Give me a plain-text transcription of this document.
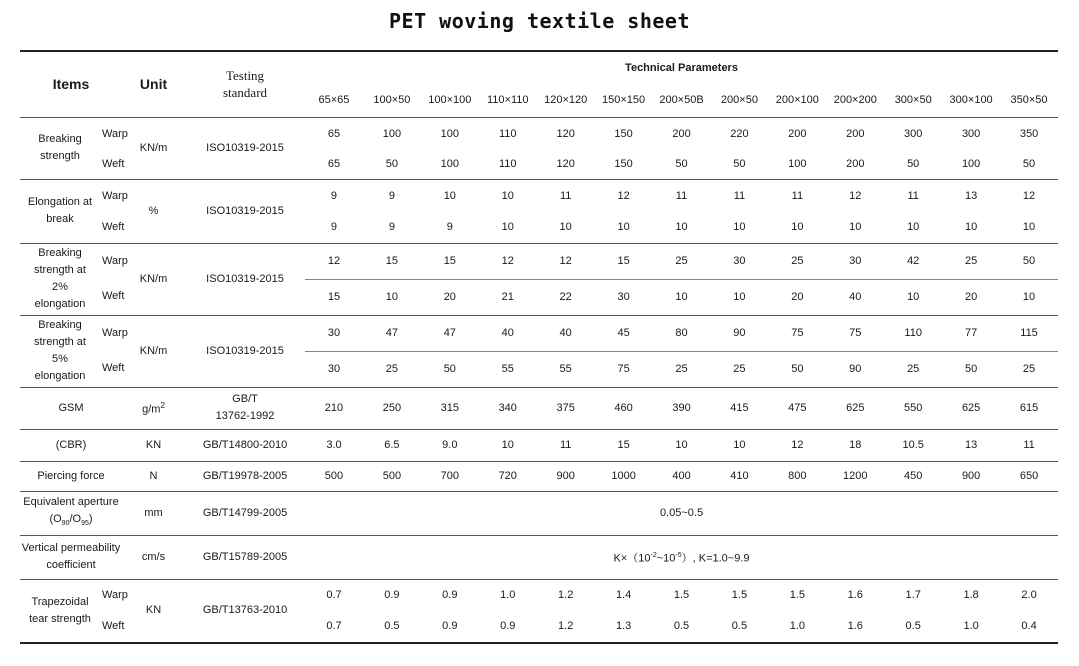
PET woving textile sheet
Items		Unit	Testing
standard	Technical Parameters												
				65×65	100×50	100×100	110×110	120×120	150×150	200×50B	200×50	200×100	200×200	300×50	300×100	350×50

Breaking
strength	Warp	KN/m	ISO10319-2015	65	100	100	110	120	150	200	220	200	200	300	300	350
	Weft			65	50	100	110	120	150	50	50	100	200	50	100	50

Elongation at
break	Warp	%	ISO10319-2015	9	9	10	10	11	12	11	11	11	12	11	13	12
	Weft			9	9	9	10	10	10	10	10	10	10	10	10	10

Breaking
strength at
2%
elongation	Warp	KN/m	ISO10319-2015	12	15	15	12	12	15	25	30	25	30	42	25	50
	Weft			15	10	20	21	22	30	10	10	20	40	10	20	10

Breaking
strength at
5%
elongation	Warp	KN/m	ISO10319-2015	30	47	47	40	40	45	80	90	75	75	110	77	115
	Weft			30	25	50	55	55	75	25	25	50	90	25	50	25
GSM		$g/m^2$	GB/T
13762-1992	210	250	315	340	375	460	390	415	475	625	550	625	615
(CBR)		KN	GB/T14800-2010	3.0	6.5	9.0	10	11	15	10	10	12	18	10.5	13	11
Piercing force		N	GB/T19978-2005	500	500	700	720	900	1000	400	410	800	1200	450	900	650

Equivalent aperture
$(O_{90}/O_{95})$		mm	GB/T14799-2005	0.05~0.5												

Vertical permeability
coefficient		cm/s	GB/T15789-2005	$K\times(10^{-2}\sim 10^{-5})$, K=1.0~9.9												

Trapezoidal
tear strength	Warp	KN	GB/T13763-2010	0.7	0.9	0.9	1.0	1.2	1.4	1.5	1.5	1.5	1.6	1.7	1.8	2.0
	Weft			0.7	0.5	0.9	0.9	1.2	1.3	0.5	0.5	1.0	1.6	0.5	1.0	0.4
